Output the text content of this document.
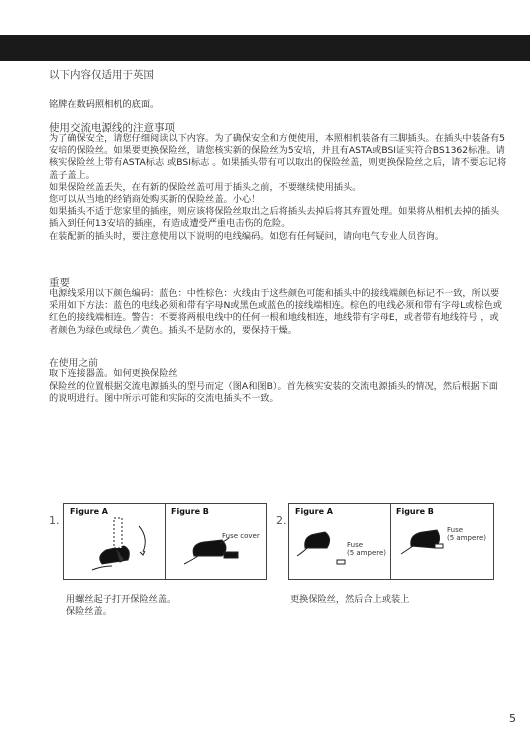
以下内容仅适用于英国
铭牌在数码照相机的底面。
使用交流电源线的注意事项

为了确保安全，请您仔细阅读以下内容。为了确保安全和方便使用，本照相机装备有三脚插头。在插头中装备有5安培的保险丝。如果要更换保险丝，请您核实新的保险丝为5安培，并且有ASTA或BSI证实符合BS1362标准。请核实保险丝上带有ASTA标志 或BSI标志 。如果插头带有可以取出的保险丝盖，则更换保险丝之后，请不要忘记将盖子盖上。

如果保险丝盖丢失，在有新的保险丝盖可用于插头之前，不要继续使用插头。

您可以从当地的经销商处购买新的保险丝盖。小心！

如果插头不适于您家里的插座，则应该将保险丝取出之后将插头去掉后将其弃置处理。如果将从相机去掉的插头插入到任何13安培的插座，有造成遭受严重电击伤的危险。

在装配新的插头时，要注意使用以下说明的电线编码。如您有任何疑问，请向电气专业人员咨询。

重要

电源线采用以下颜色编码：蓝色：中性棕色：火线由于这些颜色可能和插头中的接线端颜色标记不一致，所以要采用如下方法：蓝色的电线必须和带有字母N或黑色或蓝色的接线端相连。棕色的电线必须和带有字母L或棕色或红色的接线端相连。警告：不要将两根电线中的任何一根和地线相连，地线带有字母E，或者带有地线符号 ，或者颜色为绿色或绿色／黄色。插头不是防水的，要保持干燥。

在使用之前

取下连接器盖。如何更换保险丝

保险丝的位置根据交流电源插头的型号而定（图A和图B）。首先核实安装的交流电源插头的情况，然后根据下面的说明进行。图中所示可能和实际的交流电插头不一致。

1.
Figure A	Figure B
Fuse cover
用螺丝起子打开保险丝盖。
保险丝盖。
2.
Figure A	Figure B
Fuse
(5 ampere)
Fuse
(5 ampere)
更换保险丝，然后合上或装上
5
